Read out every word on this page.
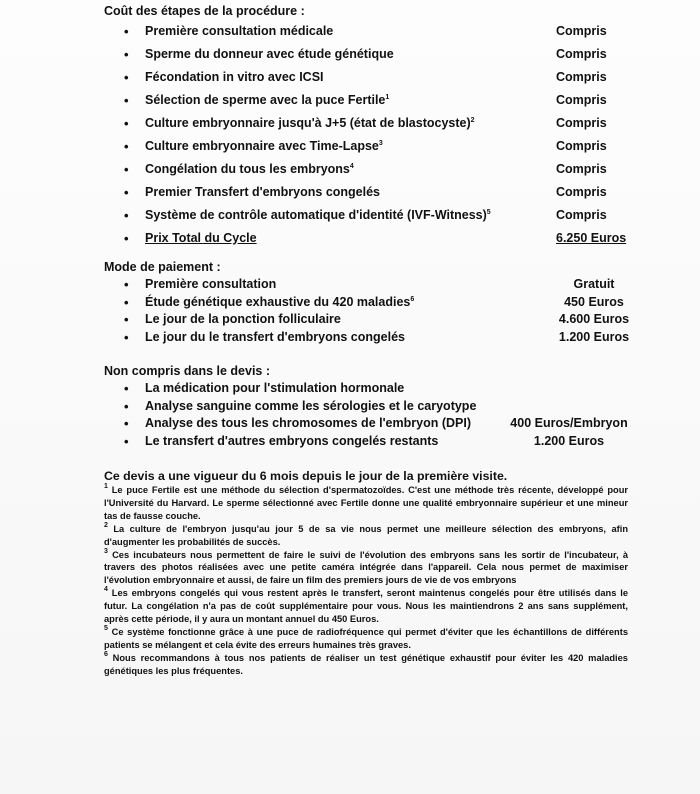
Coût des étapes de la procédure :

• Première consultation médicale	Compris
• Sperme du donneur avec étude génétique	Compris
• Fécondation in vitro avec ICSI	Compris
• Sélection de sperme avec la puce Fertile$^1$	Compris
• Culture embryonnaire jusqu'à J+5 (état de blastocyste)$^2$	Compris
• Culture embryonnaire avec Time-Lapse$^3$	Compris
• Congélation du tous les embryons$^4$	Compris
• Premier Transfert d'embryons congelés	Compris
• Système de contrôle automatique d'identité (IVF-Witness)$^5$	Compris
• Prix Total du Cycle	6.250 Euros

Mode de paiement :

• Première consultation	Gratuit
• Étude génétique exhaustive du 420 maladies$^6$	450 Euros
• Le jour de la ponction folliculaire	4.600 Euros
• Le jour du le transfert d'embryons congelés	1.200 Euros

Non compris dans le devis :

• La médication pour l'stimulation hormonale
• Analyse sanguine comme les sérologies et le caryotype
• Analyse des tous les chromosomes de l'embryon (DPI)	400 Euros/Embryon
• Le transfert d'autres embryons congelés restants	1.200 Euros

Ce devis a une vigueur du 6 mois depuis le jour de la première visite.

$^1$ Le puce Fertile est une méthode du sélection d'spermatozoïdes. C'est une méthode très récente, développé pour l'Université du Harvard. Le sperme sélectionné avec Fertile donne une qualité embryonnaire supérieur et une mineur tas de fausse couche.

$^2$ La culture de l'embryon jusqu'au jour 5 de sa vie nous permet une meilleure sélection des embryons, afin d'augmenter les probabilités de succès.

$^3$ Ces incubateurs nous permettent de faire le suivi de l'évolution des embryons sans les sortir de l'incubateur, à travers des photos réalisées avec une petite caméra intégrée dans l'appareil. Cela nous permet de maximiser l'évolution embryonnaire et aussi, de faire un film des premiers jours de vie de vos embryons

$^4$ Les embryons congelés qui vous restent après le transfert, seront maintenus congelés pour être utilisés dans le futur. La congélation n'a pas de coût supplémentaire pour vous. Nous les maintiendrons 2 ans sans supplément, après cette période, il y aura un montant annuel du 450 Euros.

$^5$ Ce système fonctionne grâce à une puce de radiofréquence qui permet d'éviter que les échantillons de différents patients se mélangent et cela évite des erreurs humaines très graves.

$^6$ Nous recommandons à tous nos patients de réaliser un test génétique exhaustif pour éviter les 420 maladies génétiques les plus fréquentes.
